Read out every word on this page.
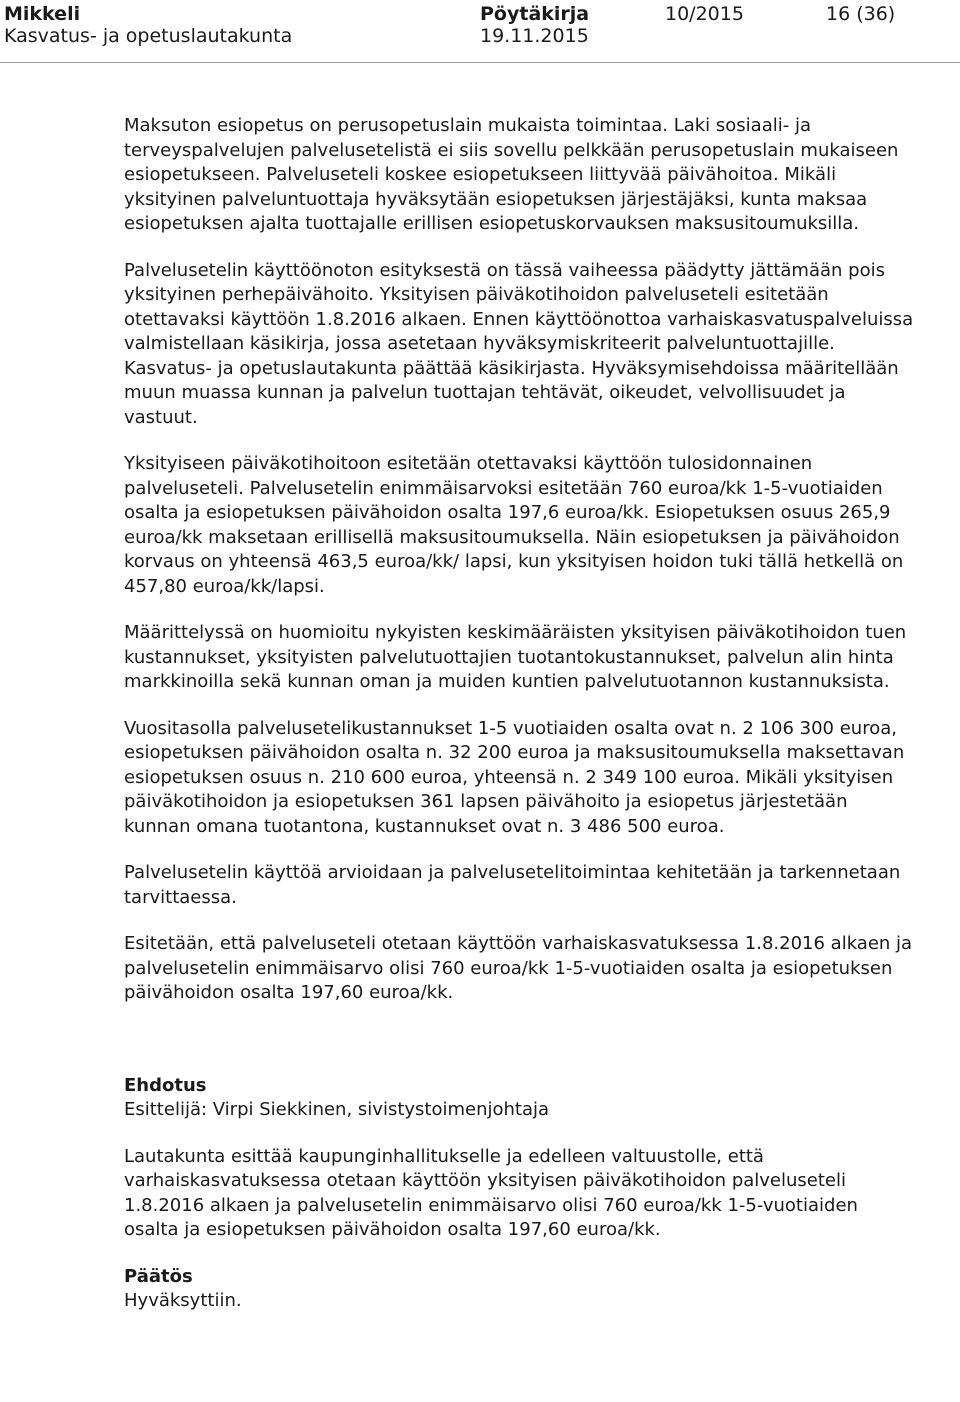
Mikkeli
Kasvatus- ja opetuslautakunta
Pöytäkirja
19.11.2015
10/2015	16 (36)

Maksuton esiopetus on perusopetuslain mukaista toimintaa. Laki sosiaali- ja terveyspalvelujen palvelusetelistä ei siis sovellu pelkkään perusopetuslain mukaiseen esiopetukseen. Palveluseteli koskee esiopetukseen liittyvää päivähoitoa. Mikäli yksityinen palveluntuottaja hyväksytään esiopetuksen järjestäjäksi, kunta maksaa esiopetuksen ajalta tuottajalle erillisen esiopetuskorvauksen maksusitoumuksilla.

Palvelusetelin käyttöönoton esityksestä on tässä vaiheessa päädytty jättämään pois yksityinen perhepäivähoito. Yksityisen päiväkotihoidon palveluseteli esitetään otettavaksi käyttöön 1.8.2016 alkaen. Ennen käyttöönottoa varhaiskasvatuspalveluissa valmistellaan käsikirja, jossa asetetaan hyväksymiskriteerit palveluntuottajille. Kasvatus- ja opetuslautakunta päättää käsikirjasta. Hyväksymisehdoissa määritellään muun muassa kunnan ja palvelun tuottajan tehtävät, oikeudet, velvollisuudet ja vastuut.

Yksityiseen päiväkotihoitoon esitetään otettavaksi käyttöön tulosidonnainen palveluseteli. Palvelusetelin enimmäisarvoksi esitetään 760 euroa/kk 1-5-vuotiaiden osalta ja esiopetuksen päivähoidon osalta 197,6 euroa/kk. Esiopetuksen osuus 265,9 euroa/kk maksetaan erillisellä maksusitoumuksella. Näin esiopetuksen ja päivähoidon korvaus on yhteensä 463,5 euroa/kk/ lapsi, kun yksityisen hoidon tuki tällä hetkellä on 457,80 euroa/kk/lapsi.

Määrittelyssä on huomioitu nykyisten keskimääräisten yksityisen päiväkotihoidon tuen kustannukset, yksityisten palvelutuottajien tuotantokustannukset, palvelun alin hinta markkinoilla sekä kunnan oman ja muiden kuntien palvelutuotannon kustannuksista.

Vuositasolla palvelusetelikustannukset 1-5 vuotiaiden osalta ovat n. 2 106 300 euroa, esiopetuksen päivähoidon osalta n. 32 200 euroa ja maksusitoumuksella maksettavan esiopetuksen osuus n. 210 600 euroa, yhteensä n. 2 349 100 euroa. Mikäli yksityisen päiväkotihoidon ja esiopetuksen 361 lapsen päivähoito ja esiopetus järjestetään kunnan omana tuotantona, kustannukset ovat n. 3 486 500 euroa.

Palvelusetelin käyttöä arvioidaan ja palvelusetelitoimintaa kehitetään ja tarkennetaan tarvittaessa.

Esitetään, että palveluseteli otetaan käyttöön varhaiskasvatuksessa 1.8.2016 alkaen ja palvelusetelin enimmäisarvo olisi 760 euroa/kk 1-5-vuotiaiden osalta ja esiopetuksen päivähoidon osalta 197,60 euroa/kk.

Ehdotus

Esittelijä: Virpi Siekkinen, sivistystoimenjohtaja

Lautakunta esittää kaupunginhallitukselle ja edelleen valtuustolle, että varhaiskasvatuksessa otetaan käyttöön yksityisen päiväkotihoidon palveluseteli 1.8.2016 alkaen ja palvelusetelin enimmäisarvo olisi 760 euroa/kk 1-5-vuotiaiden osalta ja esiopetuksen päivähoidon osalta 197,60 euroa/kk.

Päätös

Hyväksyttiin.
